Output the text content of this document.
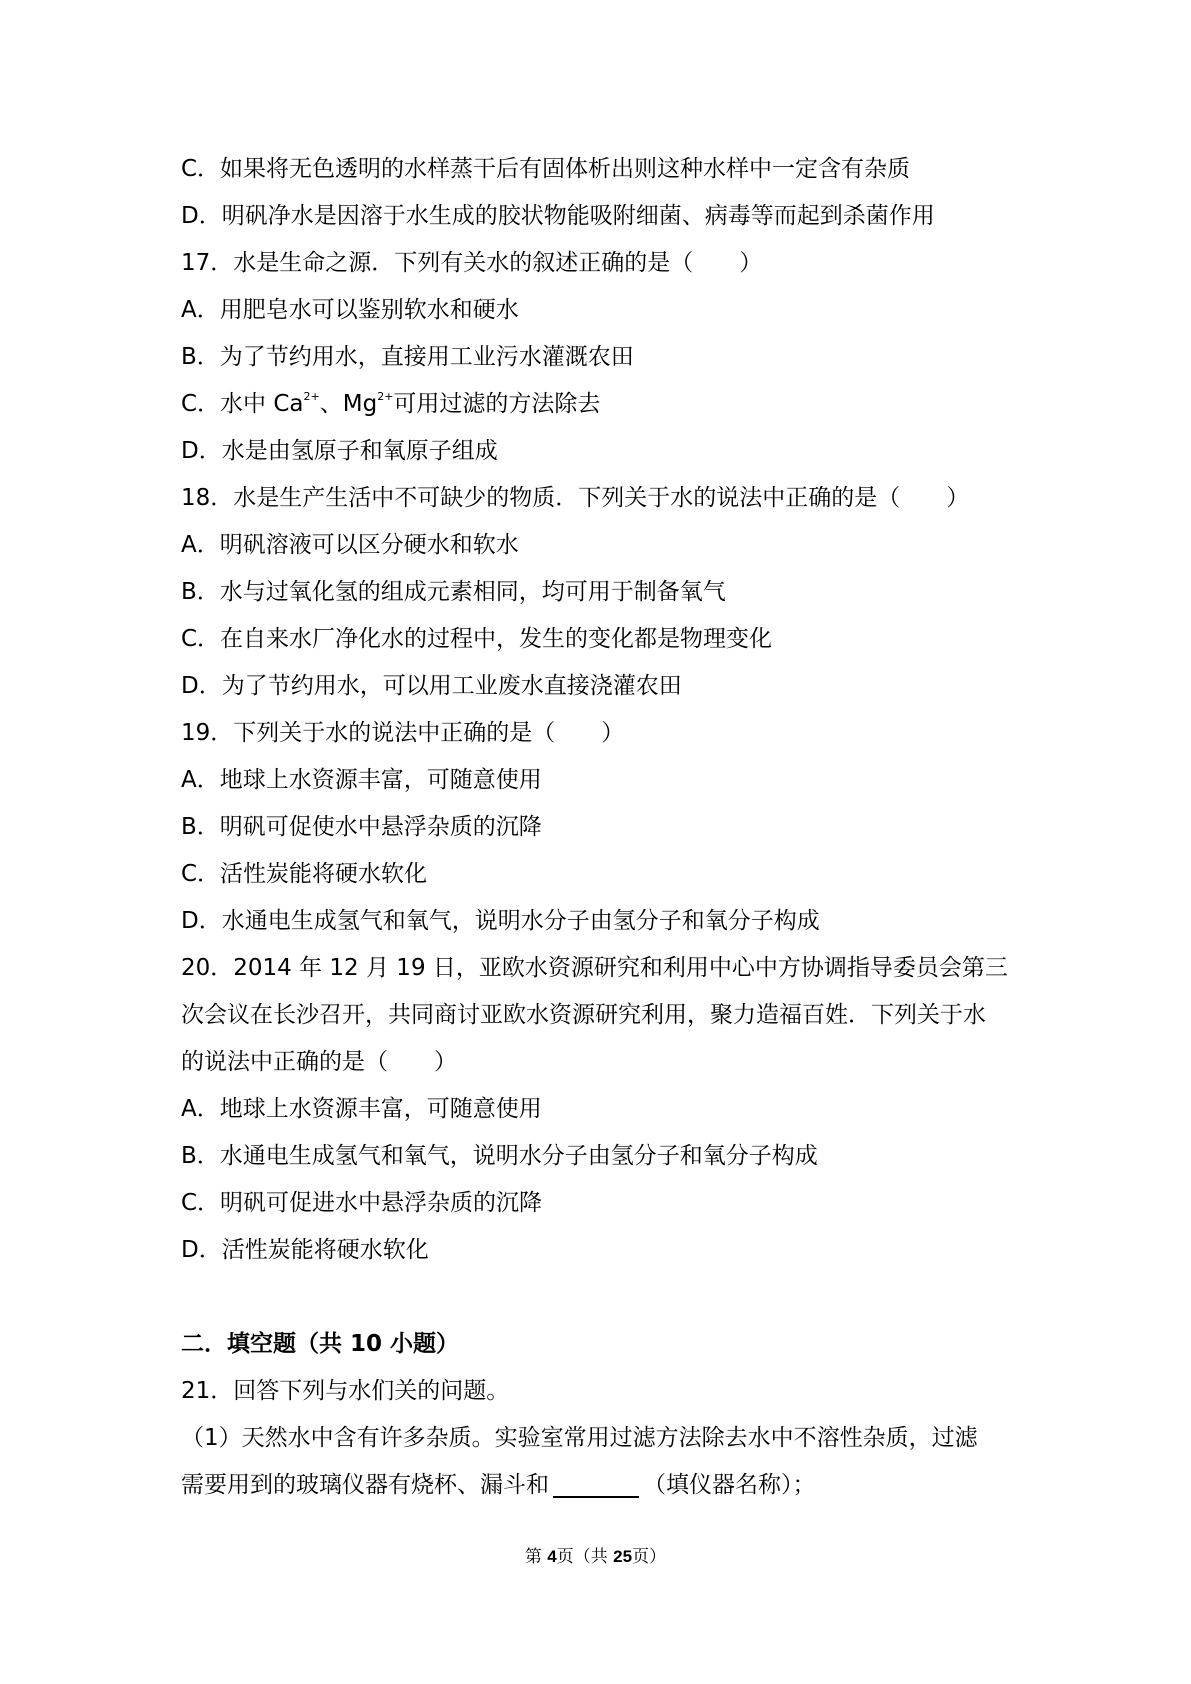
C．如果将无色透明的水样蒸干后有固体析出则这种水样中一定含有杂质
D．明矾净水是因溶于水生成的胶状物能吸附细菌、病毒等而起到杀菌作用
17．水是生命之源．下列有关水的叙述正确的是（　　）
A．用肥皂水可以鉴别软水和硬水
B．为了节约用水，直接用工业污水灌溉农田
C．水中 $Ca^{2+}$、$Mg^{2+}$可用过滤的方法除去
D．水是由氢原子和氧原子组成
18．水是生产生活中不可缺少的物质．下列关于水的说法中正确的是（　　）
A．明矾溶液可以区分硬水和软水
B．水与过氧化氢的组成元素相同，均可用于制备氧气
C．在自来水厂净化水的过程中，发生的变化都是物理变化
D．为了节约用水，可以用工业废水直接浇灌农田
19．下列关于水的说法中正确的是（　　）
A．地球上水资源丰富，可随意使用
B．明矾可促使水中悬浮杂质的沉降
C．活性炭能将硬水软化
D．水通电生成氢气和氧气，说明水分子由氢分子和氧分子构成
20．2014 年 12 月 19 日，亚欧水资源研究和利用中心中方协调指导委员会第三
次会议在长沙召开，共同商讨亚欧水资源研究利用，聚力造福百姓．下列关于水
的说法中正确的是（　　）
A．地球上水资源丰富，可随意使用
B．水通电生成氢气和氧气，说明水分子由氢分子和氧分子构成
C．明矾可促进水中悬浮杂质的沉降
D．活性炭能将硬水软化
二．填空题（共 10 小题）
21．回答下列与水们关的问题。
（1）天然水中含有许多杂质。实验室常用过滤方法除去水中不溶性杂质，过滤
需要用到的玻璃仪器有烧杯、漏斗和	（填仪器名称）；
第 4页（共 25页）
